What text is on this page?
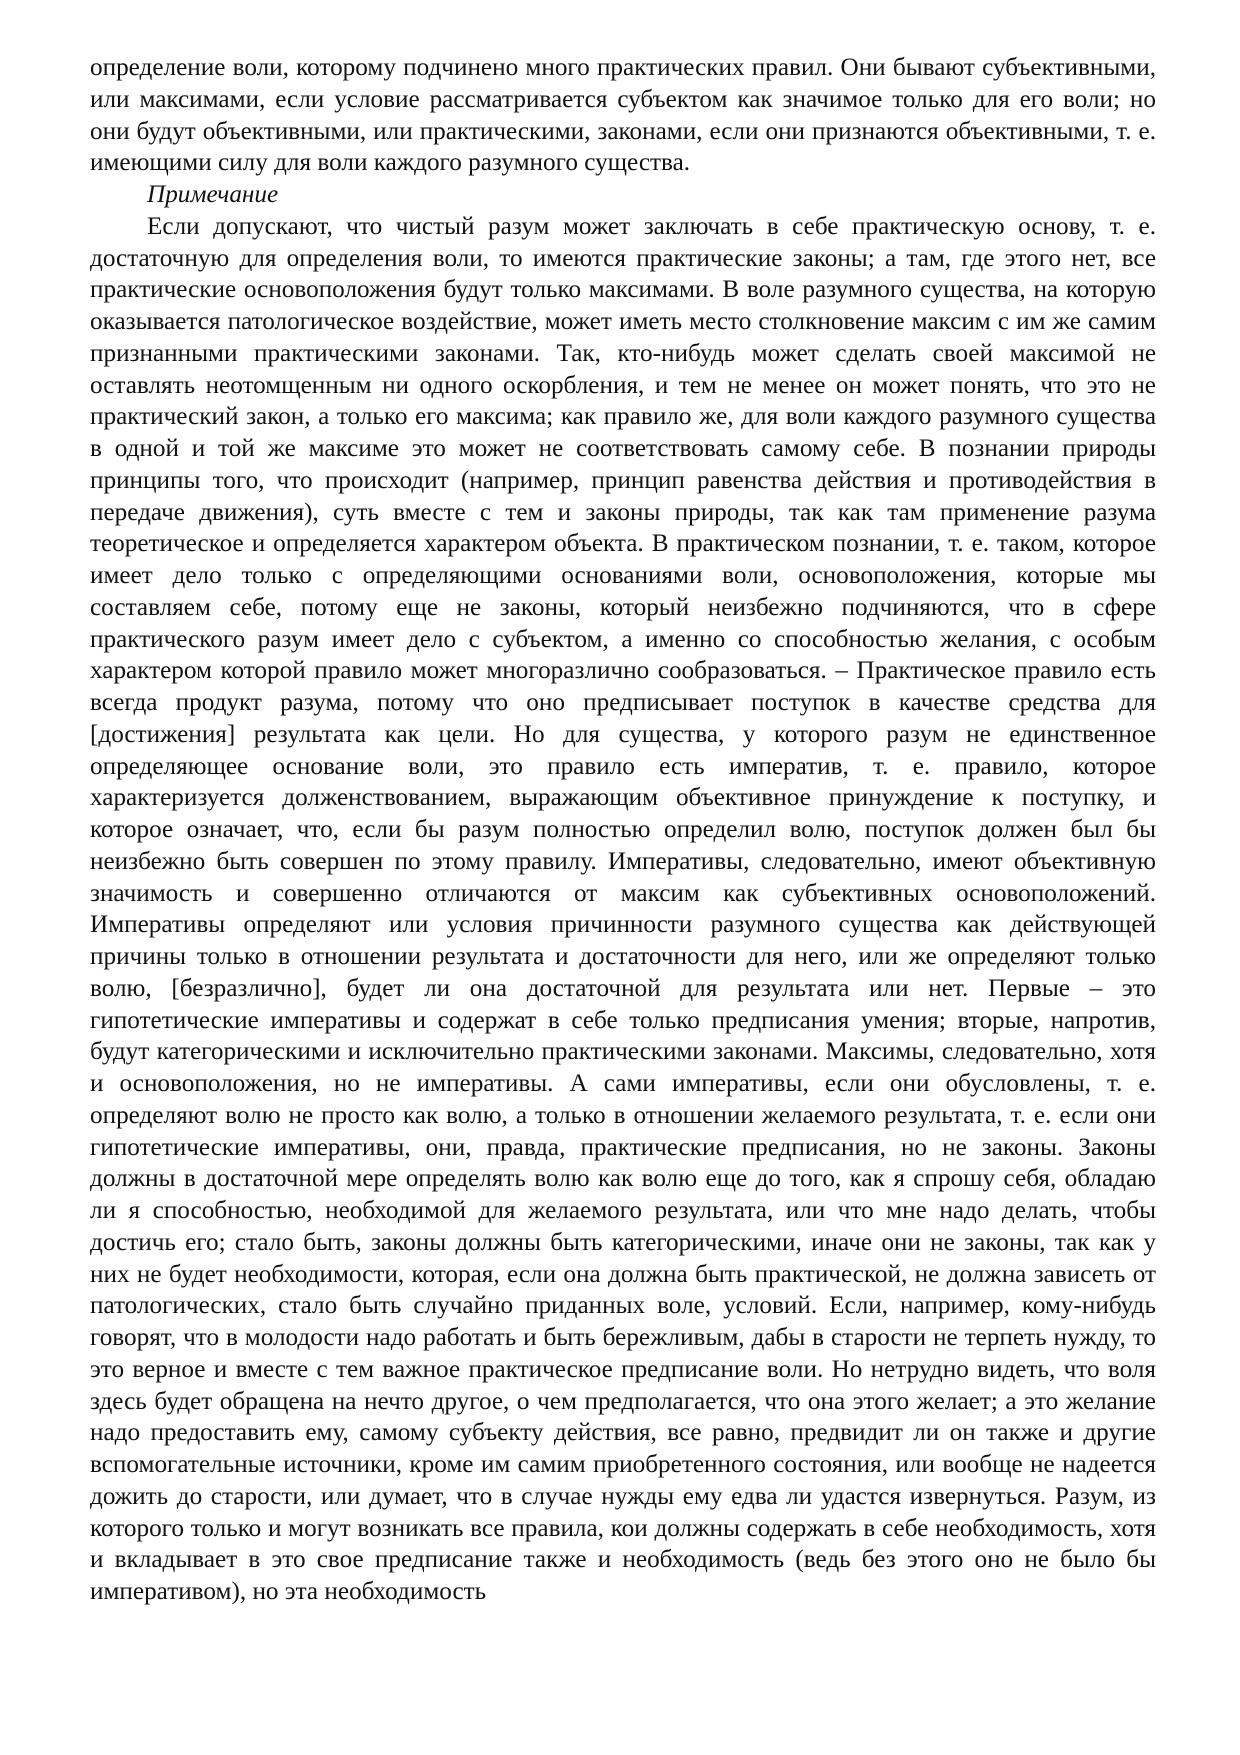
определение воли, которому подчинено много практических правил. Они бывают субъективными, или максимами, если условие рассматривается субъектом как значимое только для его воли; но они будут объективными, или практическими, законами, если они признаются объективными, т. е. имеющими силу для воли каждого разумного существа.

Примечание

Если допускают, что чистый разум может заключать в себе практическую основу, т. е. достаточную для определения воли, то имеются практические законы; а там, где этого нет, все практические основоположения будут только максимами. В воле разумного существа, на которую оказывается патологическое воздействие, может иметь место столкновение максим с им же самим признанными практическими законами. Так, кто-нибудь может сделать своей максимой не оставлять неотомщенным ни одного оскорбления, и тем не менее он может понять, что это не практический закон, а только его максима; как правило же, для воли каждого разумного существа в одной и той же максиме это может не соответствовать самому себе. В познании природы принципы того, что происходит (например, принцип равенства действия и противодействия в передаче движения), суть вместе с тем и законы природы, так как там применение разума теоретическое и определяется характером объекта. В практическом познании, т. е. таком, которое имеет дело только с определяющими основаниями воли, основоположения, которые мы составляем себе, потому еще не законы, который неизбежно подчиняются, что в сфере практического разум имеет дело с субъектом, а именно со способностью желания, с особым характером которой правило может многоразлично сообразоваться. – Практическое правило есть всегда продукт разума, потому что оно предписывает поступок в качестве средства для [достижения] результата как цели. Но для существа, у которого разум не единственное определяющее основание воли, это правило есть императив, т. е. правило, которое характеризуется долженствованием, выражающим объективное принуждение к поступку, и которое означает, что, если бы разум полностью определил волю, поступок должен был бы неизбежно быть совершен по этому правилу. Императивы, следовательно, имеют объективную значимость и совершенно отличаются от максим как субъективных основоположений. Императивы определяют или условия причинности разумного существа как действующей причины только в отношении результата и достаточности для него, или же определяют только волю, [безразлично], будет ли она достаточной для результата или нет. Первые – это гипотетические императивы и содержат в себе только предписания умения; вторые, напротив, будут категорическими и исключительно практическими законами. Максимы, следовательно, хотя и основоположения, но не императивы. А сами императивы, если они обусловлены, т. е. определяют волю не просто как волю, а только в отношении желаемого результата, т. е. если они гипотетические императивы, они, правда, практические предписания, но не законы. Законы должны в достаточной мере определять волю как волю еще до того, как я спрошу себя, обладаю ли я способностью, необходимой для желаемого результата, или что мне надо делать, чтобы достичь его; стало быть, законы должны быть категорическими, иначе они не законы, так как у них не будет необходимости, которая, если она должна быть практической, не должна зависеть от патологических, стало быть случайно приданных воле, условий. Если, например, кому-нибудь говорят, что в молодости надо работать и быть бережливым, дабы в старости не терпеть нужду, то это верное и вместе с тем важное практическое предписание воли. Но нетрудно видеть, что воля здесь будет обращена на нечто другое, о чем предполагается, что она этого желает; а это желание надо предоставить ему, самому субъекту действия, все равно, предвидит ли он также и другие вспомогательные источники, кроме им самим приобретенного состояния, или вообще не надеется дожить до старости, или думает, что в случае нужды ему едва ли удастся извернуться. Разум, из которого только и могут возникать все правила, кои должны содержать в себе необходимость, хотя и вкладывает в это свое предписание также и необходимость (ведь без этого оно не было бы императивом), но эта необходимость
